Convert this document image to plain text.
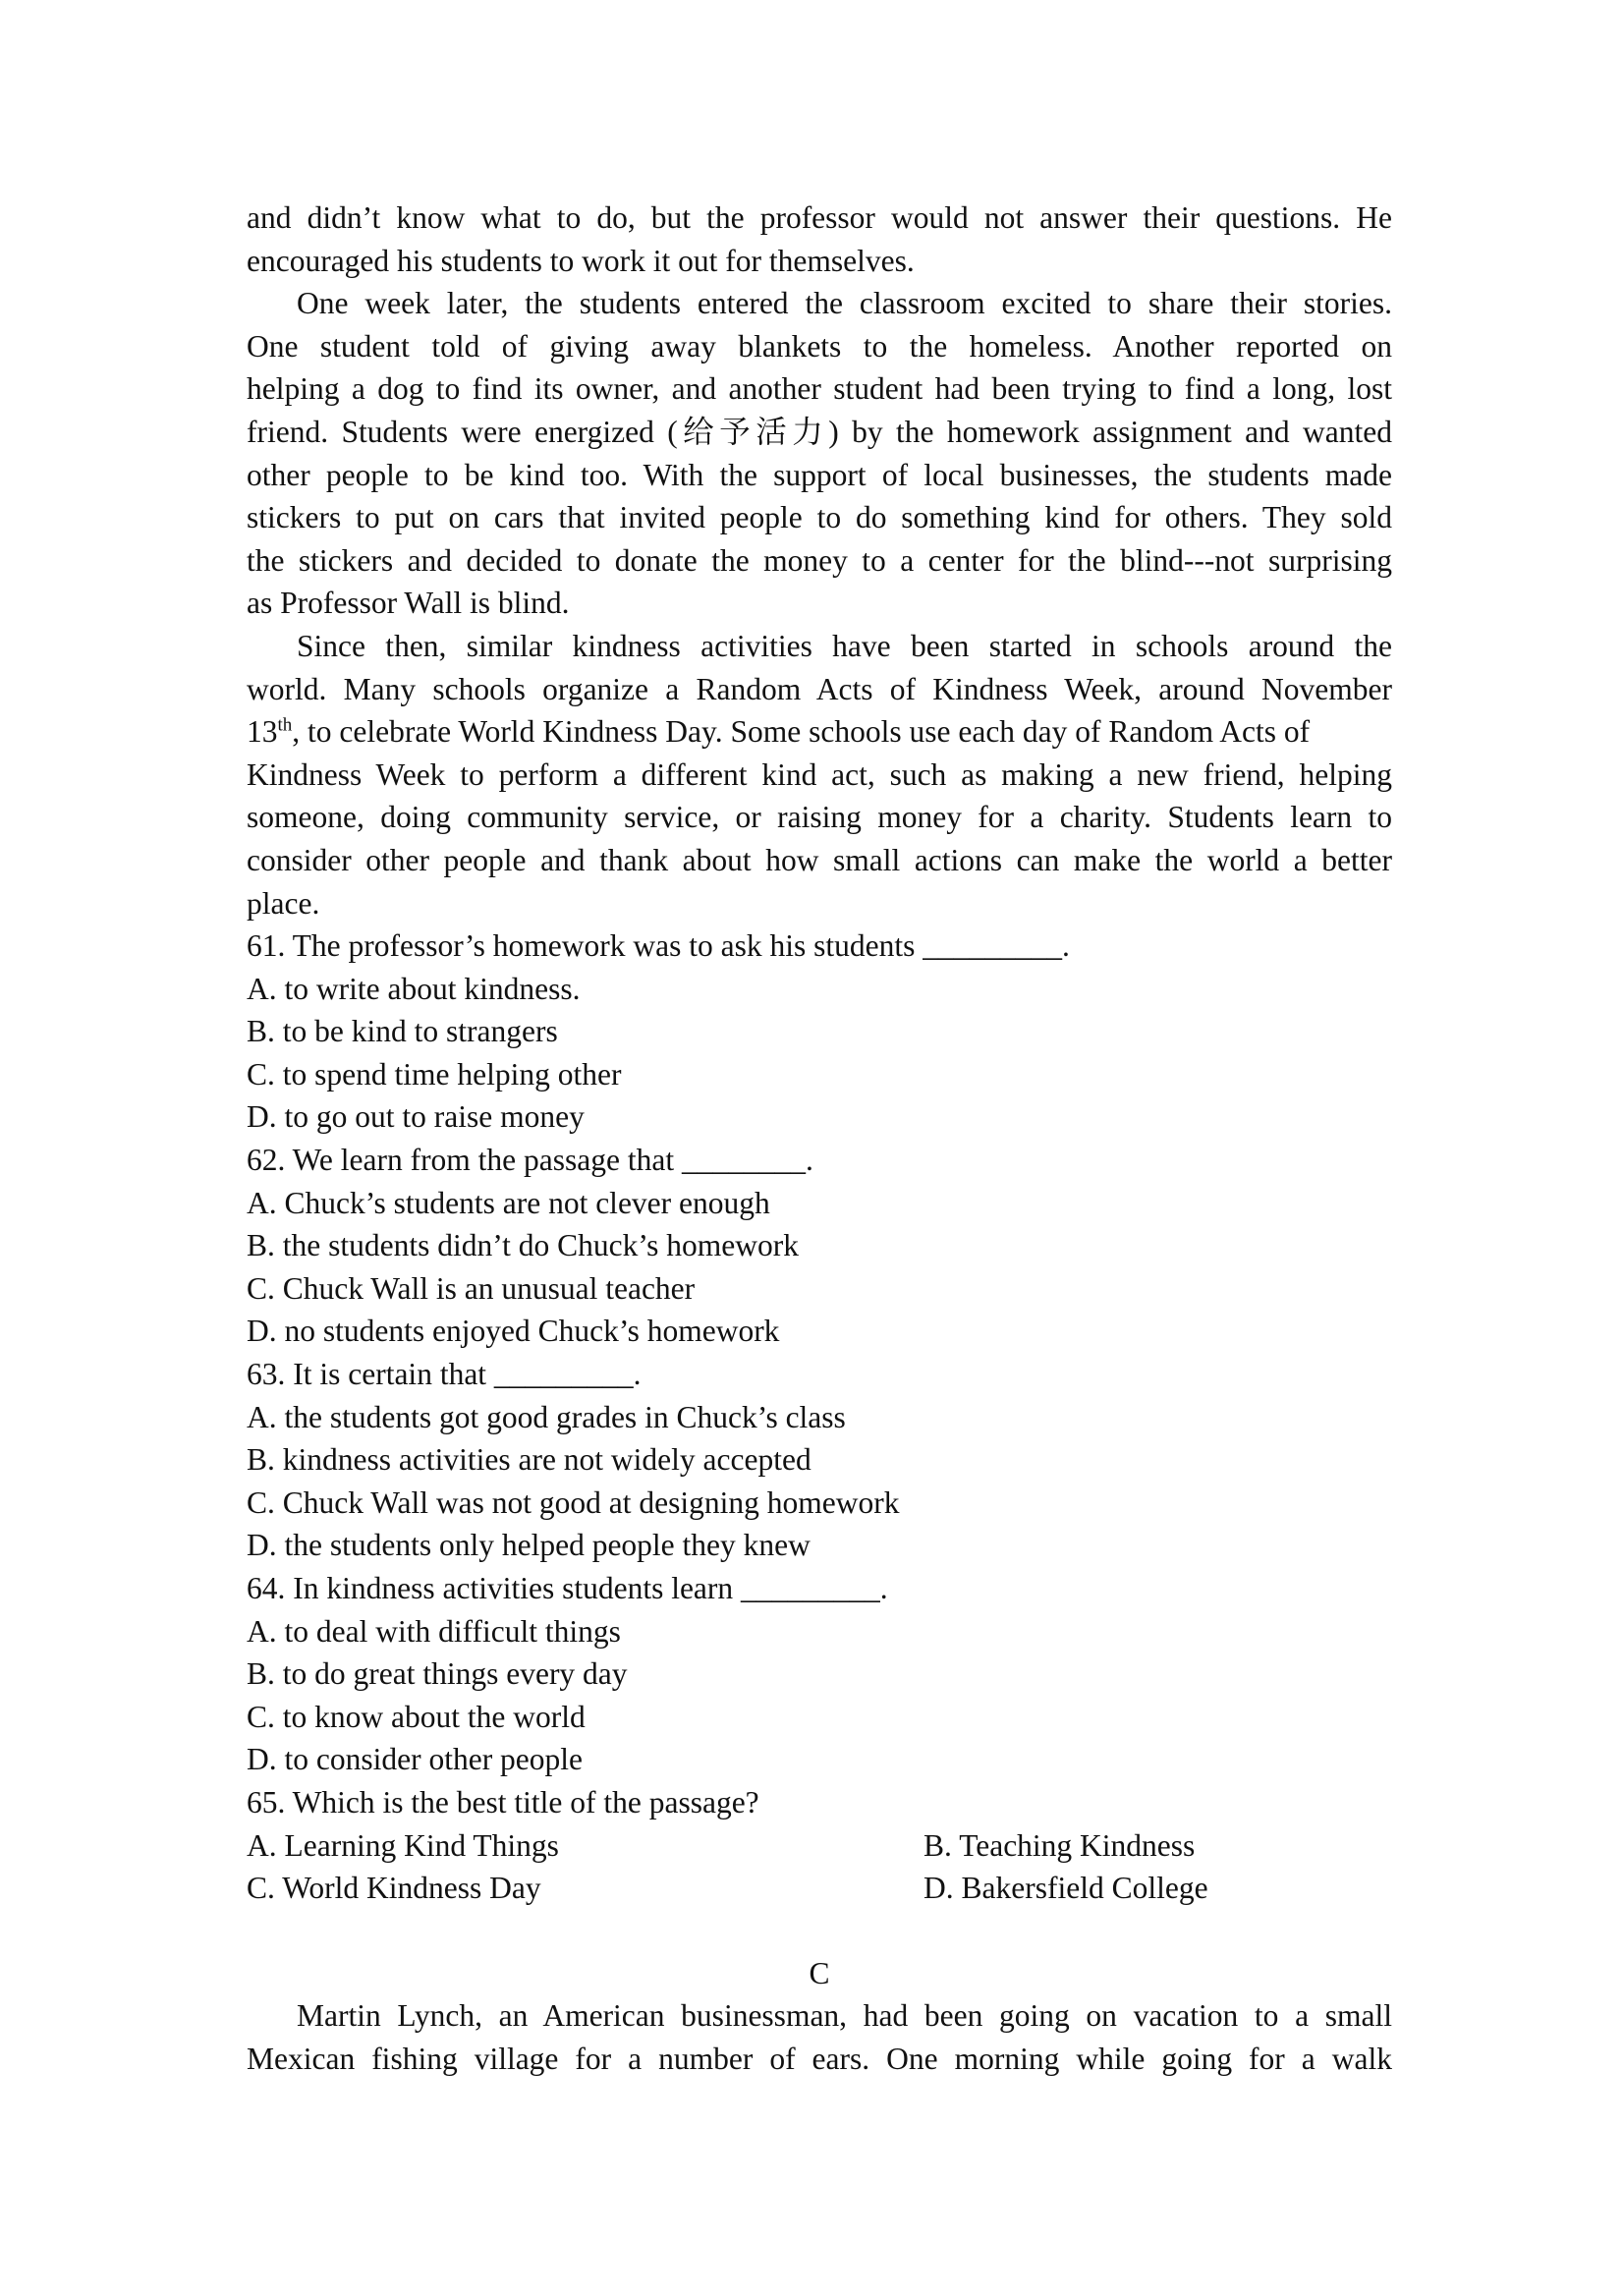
and didn’t know what to do, but the professor would not answer their questions. He
encouraged his students to work it out for themselves.
One week later, the students entered the classroom excited to share their stories.
One student told of giving away blankets to the homeless. Another reported on
helping a dog to find its owner, and another student had been trying to find a long, lost
friend. Students were energized (给予活力) by the homework assignment and wanted
other people to be kind too. With the support of local businesses, the students made
stickers to put on cars that invited people to do something kind for others. They sold
the stickers and decided to donate the money to a center for the blind---not surprising
as Professor Wall is blind.
Since then, similar kindness activities have been started in schools around the
world. Many schools organize a Random Acts of Kindness Week, around November
13th, to celebrate World Kindness Day. Some schools use each day of Random Acts of
Kindness Week to perform a different kind act, such as making a new friend, helping
someone, doing community service, or raising money for a charity. Students learn to
consider other people and thank about how small actions can make the world a better
place.
61. The professor’s homework was to ask his students _________.
A. to write about kindness.
B. to be kind to strangers
C. to spend time helping other
D. to go out to raise money
62. We learn from the passage that ________.
A. Chuck’s students are not clever enough
B. the students didn’t do Chuck’s homework
C. Chuck Wall is an unusual teacher
D. no students enjoyed Chuck’s homework
63. It is certain that _________.
A. the students got good grades in Chuck’s class
B. kindness activities are not widely accepted
C. Chuck Wall was not good at designing homework
D. the students only helped people they knew
64. In kindness activities students learn _________.
A. to deal with difficult things
B. to do great things every day
C. to know about the world
D. to consider other people
65. Which is the best title of the passage?
A. Learning Kind Things	B. Teaching Kindness
C. World Kindness Day	D. Bakersfield College
C
Martin Lynch, an American businessman, had been going on vacation to a small
Mexican fishing village for a number of ears. One morning while going for a walk
